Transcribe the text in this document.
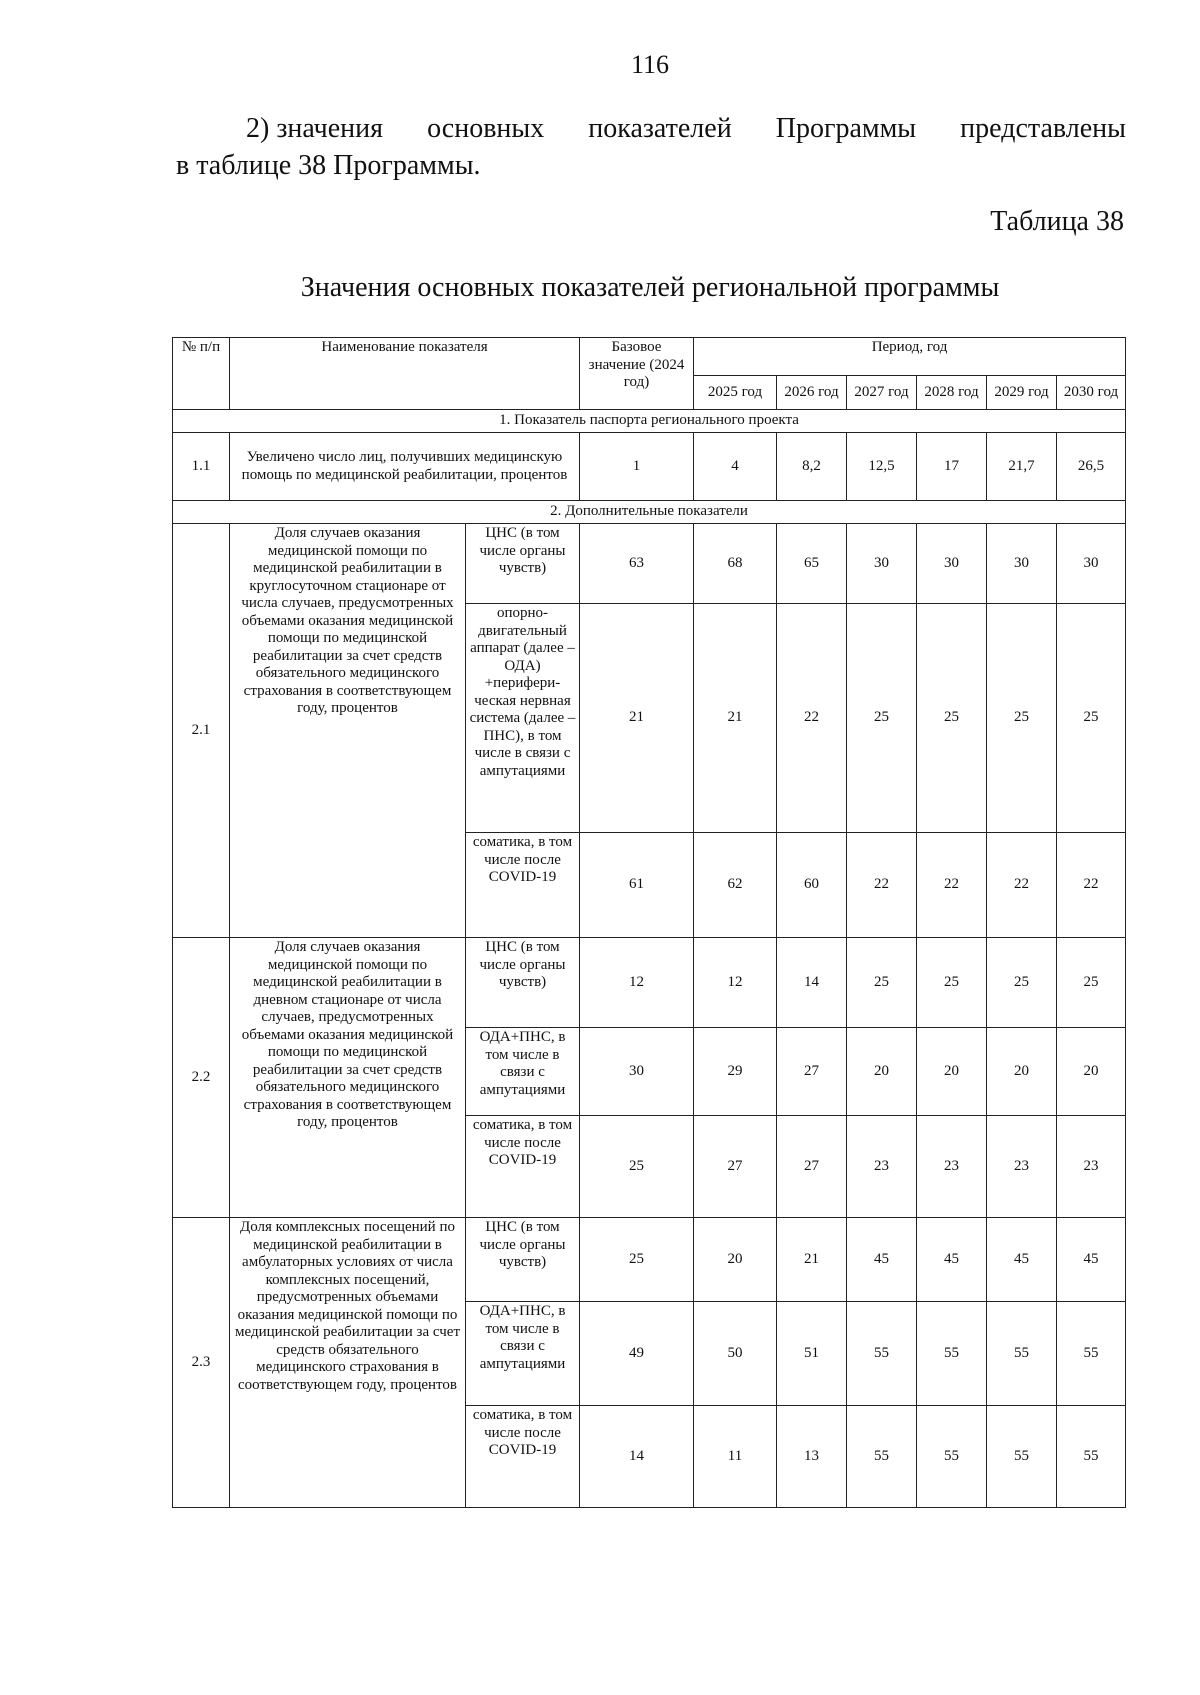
116
2) значения основных показателей Программы представлены
в таблице 38 Программы.
Таблица 38
Значения основных показателей региональной программы
№ п/п	Наименование показателя		Базовое значение (2024 год)	Период, год					
				2025 год	2026 год	2027 год	2028 год	2029 год	2030 год
1. Показатель паспорта регионального проекта									
1.1	Увеличено число лиц, получивших медицинскую помощь по медицинской реабилитации, процентов		1	4	8,2	12,5	17	21,7	26,5
2. Дополнительные показатели									
2.1	Доля случаев оказания медицинской помощи по медицинской реабилитации в круглосуточном стационаре от числа случаев, предусмотренных объемами оказания медицинской помощи по медицинской реабилитации за счет средств обязательного медицинского страхования в соответствующем году, процентов	ЦНС (в том числе органы чувств)	63	68	65	30	30	30	30
		опорно-двигательный аппарат (далее – ОДА) +перифери-ческая нервная система (далее – ПНС), в том числе в связи с ампутациями	21	21	22	25	25	25	25
		соматика, в том числе после COVID-19	61	62	60	22	22	22	22
2.2	Доля случаев оказания медицинской помощи по медицинской реабилитации в дневном стационаре от числа случаев, предусмотренных объемами оказания медицинской помощи по медицинской реабилитации за счет средств обязательного медицинского страхования в соответствующем году, процентов	ЦНС (в том числе органы чувств)	12	12	14	25	25	25	25
		ОДА+ПНС, в том числе в связи с ампутациями	30	29	27	20	20	20	20
		соматика, в том числе после COVID-19	25	27	27	23	23	23	23
2.3	Доля комплексных посещений по медицинской реабилитации в амбулаторных условиях от числа комплексных посещений, предусмотренных объемами оказания медицинской помощи по медицинской реабилитации за счет средств обязательного медицинского страхования в соответствующем году, процентов	ЦНС (в том числе органы чувств)	25	20	21	45	45	45	45
		ОДА+ПНС, в том числе в связи с ампутациями	49	50	51	55	55	55	55
		соматика, в том числе после COVID-19	14	11	13	55	55	55	55
